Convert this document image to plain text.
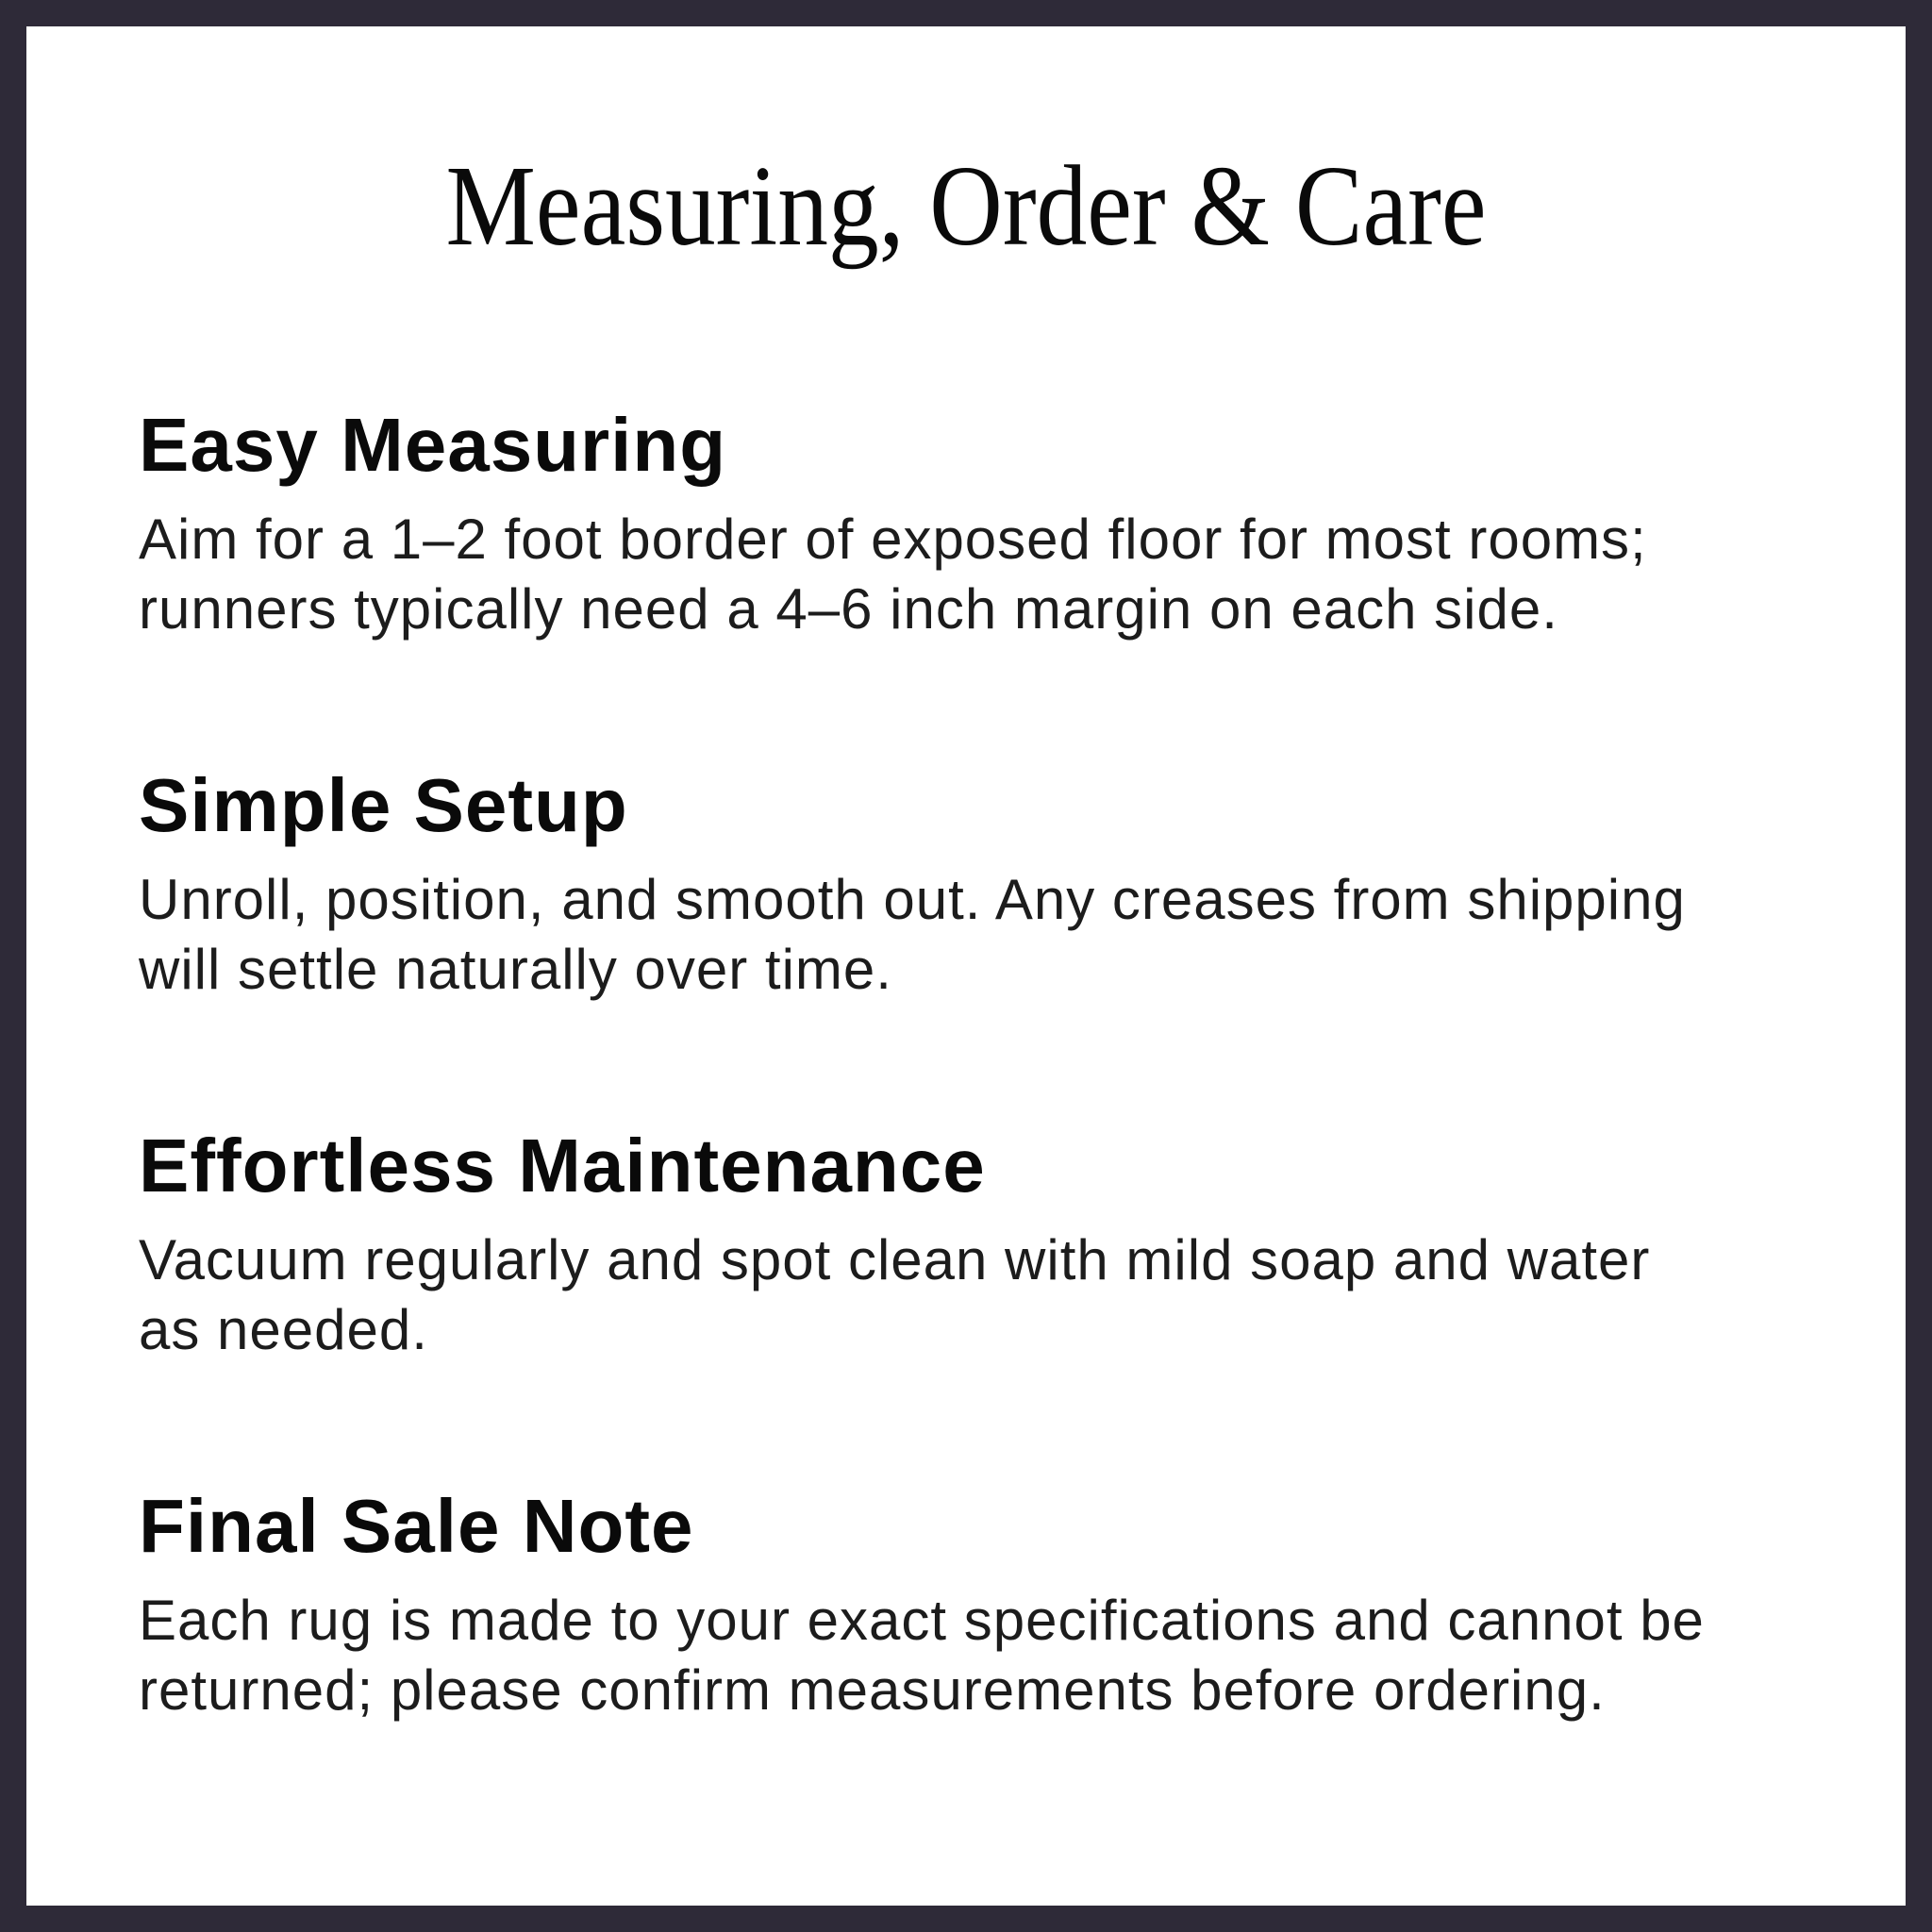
Measuring, Order & Care
Easy Measuring

Aim for a 1–2 foot border of exposed floor for most rooms;

runners typically need a 4–6 inch margin on each side.

Simple Setup

Unroll, position, and smooth out. Any creases from shipping

will settle naturally over time.

Effortless Maintenance

Vacuum regularly and spot clean with mild soap and water

as needed.

Final Sale Note

Each rug is made to your exact specifications and cannot be

returned; please confirm measurements before ordering.
